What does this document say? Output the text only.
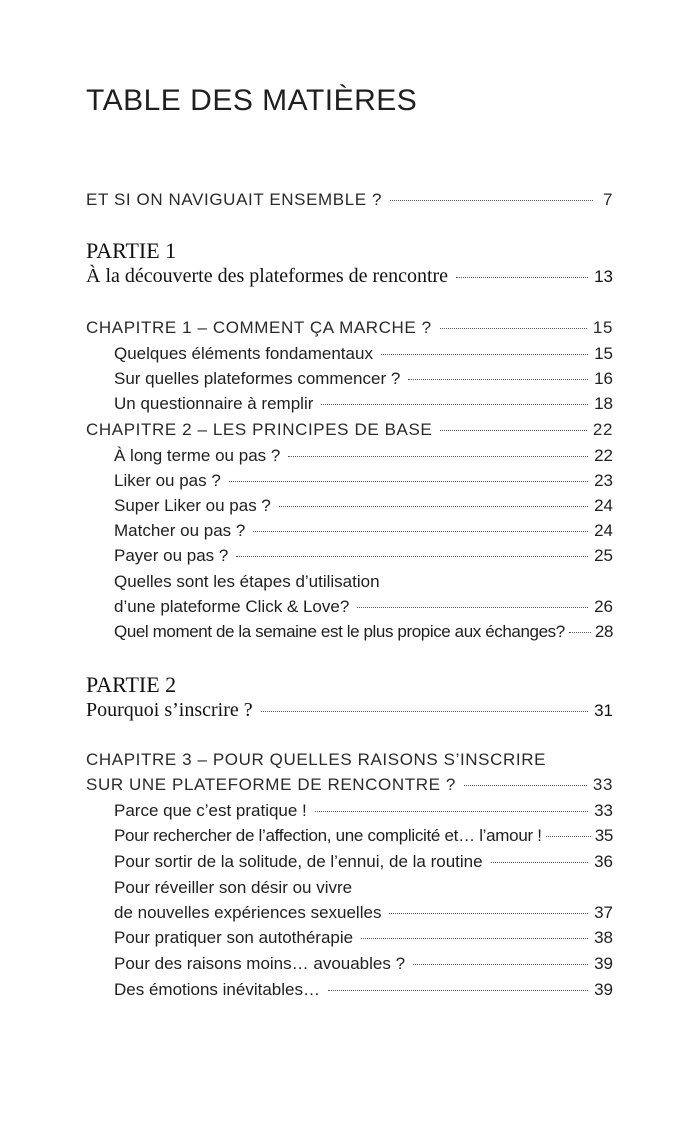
TABLE DES MATIÈRES
ET SI ON NAVIGUAIT ENSEMBLE ?	7
PARTIE 1
À la découverte des plateformes de rencontre	13
CHAPITRE 1 – COMMENT ÇA MARCHE ?	15
Quelques éléments fondamentaux	15
Sur quelles plateformes commencer ?	16
Un questionnaire à remplir	18
CHAPITRE 2 – LES PRINCIPES DE BASE	22
À long terme ou pas ?	22
Liker ou pas ?	23
Super Liker ou pas ?	24
Matcher ou pas ?	24
Payer ou pas ?	25
Quelles sont les étapes d’utilisation
d’une plateforme Click & Love?	26
Quel moment de la semaine est le plus propice aux échanges? 28
PARTIE 2
Pourquoi s’inscrire ?	31
CHAPITRE 3 – POUR QUELLES RAISONS S’INSCRIRE
SUR UNE PLATEFORME DE RENCONTRE ?	33
Parce que c’est pratique !	33
Pour rechercher de l’affection, une complicité et… l’amour !	35
Pour sortir de la solitude, de l’ennui, de la routine	36
Pour réveiller son désir ou vivre
de nouvelles expériences sexuelles	37
Pour pratiquer son autothérapie	38
Pour des raisons moins… avouables ?	39
Des émotions inévitables…	39
